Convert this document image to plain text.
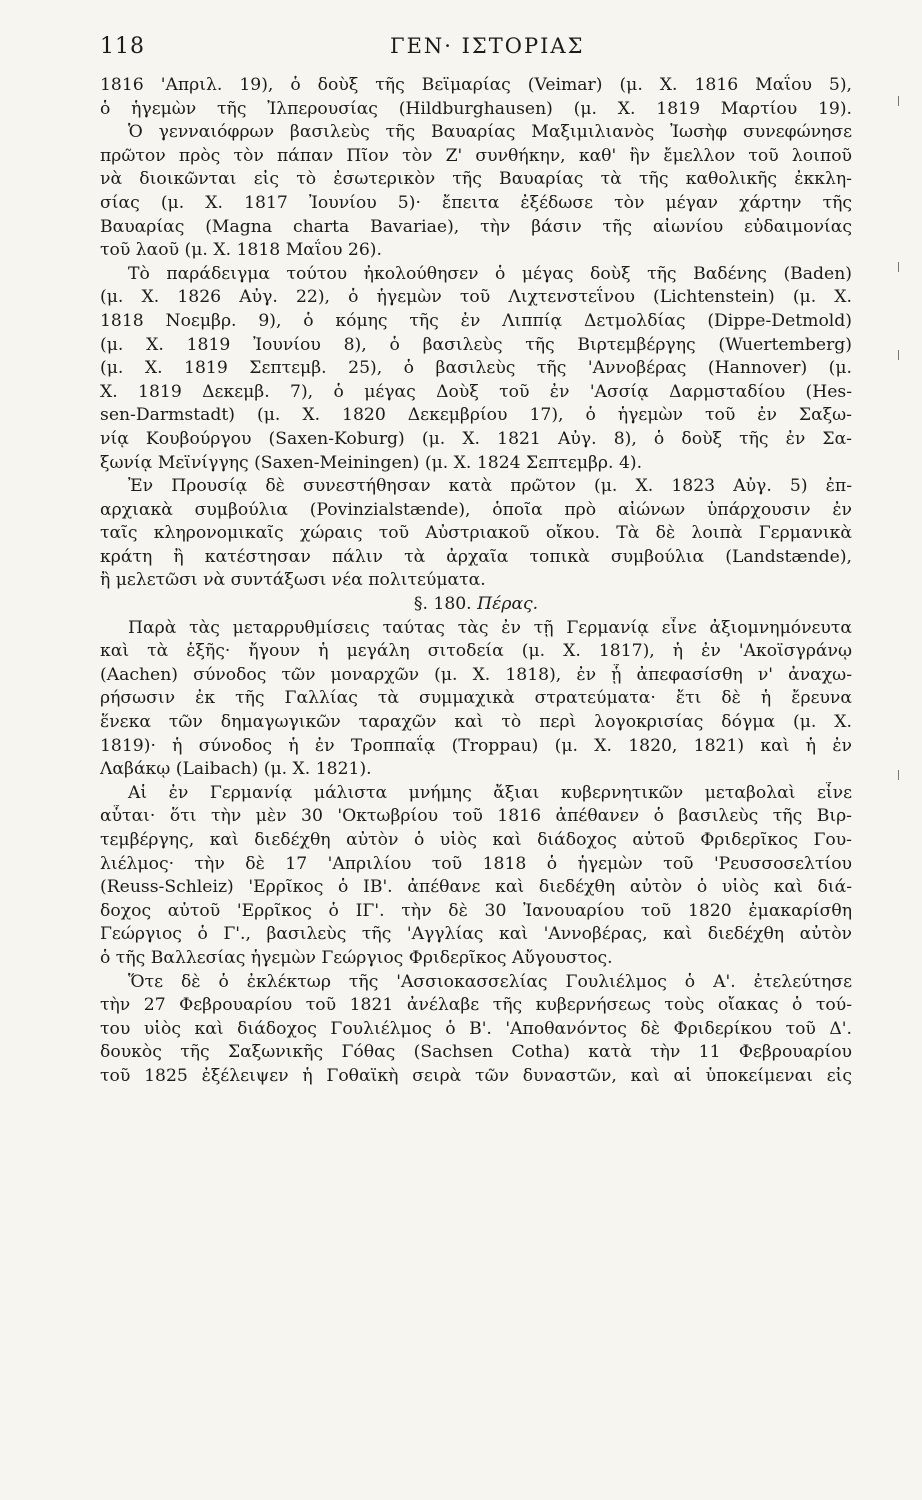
118	ΓΕΝ· ΙΣΤΟΡΙΑΣ
1816 'Απριλ. 19), ὁ δοὺξ τῆς Βεϊμαρίας (Veimar) (μ. Χ. 1816 Μαΐου 5),
ὁ ἡγεμὼν τῆς Ἰλπερουσίας (Hildburghausen) (μ. Χ. 1819 Μαρτίου 19).
Ὁ γενναιόφρων βασιλεὺς τῆς Βαυαρίας Μαξιμιλιανὸς Ἰωσὴφ συνεφώνησε
πρῶτον πρὸς τὸν πάπαν Πῖον τὸν Ζ' συνθήκην, καθ' ἣν ἔμελλον τοῦ λοιποῦ
νὰ διοικῶνται εἰς τὸ ἐσωτερικὸν τῆς Βαυαρίας τὰ τῆς καθολικῆς ἐκκλη-
σίας (μ. Χ. 1817 Ἰουνίου 5)· ἔπειτα ἐξέδωσε τὸν μέγαν χάρτην τῆς
Βαυαρίας (Magna charta Bavariae), τὴν βάσιν τῆς αἰωνίου εὐδαιμονίας
τοῦ λαοῦ (μ. Χ. 1818 Μαΐου 26).
Τὸ παράδειγμα τούτου ἠκολούθησεν ὁ μέγας δοὺξ τῆς Βαδένης (Baden)
(μ. Χ. 1826 Αὐγ. 22), ὁ ἡγεμὼν τοῦ Λιχτενστεΐνου (Lichtenstein) (μ. Χ.
1818 Νοεμβρ. 9), ὁ κόμης τῆς ἐν Λιππίᾳ Δετμολδίας (Dippe-Detmold)
(μ. Χ. 1819 Ἰουνίου 8), ὁ βασιλεὺς τῆς Βιρτεμβέργης (Wuertemberg)
(μ. Χ. 1819 Σεπτεμβ. 25), ὁ βασιλεὺς τῆς 'Αννοβέρας (Hannover) (μ.
Χ. 1819 Δεκεμβ. 7), ὁ μέγας Δοὺξ τοῦ ἐν 'Ασσίᾳ Δαρμσταδίου (Hes-
sen-Darmstadt) (μ. Χ. 1820 Δεκεμβρίου 17), ὁ ἡγεμὼν τοῦ ἐν Σαξω-
νίᾳ Κουβούργου (Saxen-Koburg) (μ. Χ. 1821 Αὐγ. 8), ὁ δοὺξ τῆς ἐν Σα-
ξωνίᾳ Μεϊνίγγης (Saxen-Meiningen) (μ. Χ. 1824 Σεπτεμβρ. 4).
Ἐν Προυσίᾳ δὲ συνεστήθησαν κατὰ πρῶτον (μ. Χ. 1823 Αὐγ. 5) ἐπ-
αρχιακὰ συμβούλια (Povinzialstænde), ὁποῖα πρὸ αἰώνων ὑπάρχουσιν ἐν
ταῖς κληρονομικαῖς χώραις τοῦ Αὐστριακοῦ οἴκου. Τὰ δὲ λοιπὰ Γερμανικὰ
κράτη ἢ κατέστησαν πάλιν τὰ ἀρχαῖα τοπικὰ συμβούλια (Landstænde),
ἢ μελετῶσι νὰ συντάξωσι νέα πολιτεύματα.
§. 180. Πέρας.
Παρὰ τὰς μεταρρυθμίσεις ταύτας τὰς ἐν τῇ Γερμανίᾳ εἶνε ἀξιομνημόνευτα
καὶ τὰ ἑξῆς· ἤγουν ἡ μεγάλη σιτοδεία (μ. Χ. 1817), ἡ ἐν 'Ακοϊσγράνῳ
(Aachen) σύνοδος τῶν μοναρχῶν (μ. Χ. 1818), ἐν ᾗ ἀπεφασίσθη ν' ἀναχω-
ρήσωσιν ἐκ τῆς Γαλλίας τὰ συμμαχικὰ στρατεύματα· ἔτι δὲ ἡ ἔρευνα
ἕνεκα τῶν δημαγωγικῶν ταραχῶν καὶ τὸ περὶ λογοκρισίας δόγμα (μ. Χ.
1819)· ἡ σύνοδος ἡ ἐν Τροππαΐᾳ (Troppau) (μ. Χ. 1820, 1821) καὶ ἡ ἐν
Λαβάκῳ (Laibach) (μ. Χ. 1821).
Αἱ ἐν Γερμανίᾳ μάλιστα μνήμης ἄξιαι κυβερνητικῶν μεταβολαὶ εἶνε
αὗται· ὅτι τὴν μὲν 30 'Οκτωβρίου τοῦ 1816 ἀπέθανεν ὁ βασιλεὺς τῆς Βιρ-
τεμβέργης, καὶ διεδέχθη αὐτὸν ὁ υἱὸς καὶ διάδοχος αὐτοῦ Φριδερῖκος Γου-
λιέλμος· τὴν δὲ 17 'Απριλίου τοῦ 1818 ὁ ἡγεμὼν τοῦ 'Ρευσσοσελτίου
(Reuss-Schleiz) 'Ερρῖκος ὁ ΙΒ'. ἀπέθανε καὶ διεδέχθη αὐτὸν ὁ υἱὸς καὶ διά-
δοχος αὐτοῦ 'Ερρῖκος ὁ ΙΓ'. τὴν δὲ 30 Ἰανουαρίου τοῦ 1820 ἐμακαρίσθη
Γεώργιος ὁ Γ'., βασιλεὺς τῆς 'Αγγλίας καὶ 'Αννοβέρας, καὶ διεδέχθη αὐτὸν
ὁ τῆς Βαλλεσίας ἡγεμὼν Γεώργιος Φριδερῖκος Αὔγουστος.
Ὅτε δὲ ὁ ἐκλέκτωρ τῆς 'Ασσιοκασσελίας Γουλιέλμος ὁ Α'. ἐτελεύτησε
τὴν 27 Φεβρουαρίου τοῦ 1821 ἀνέλαβε τῆς κυβερνήσεως τοὺς οἴακας ὁ τού-
του υἱὸς καὶ διάδοχος Γουλιέλμος ὁ Β'. 'Αποθανόντος δὲ Φριδερίκου τοῦ Δ'.
δουκὸς τῆς Σαξωνικῆς Γόθας (Sachsen Cotha) κατὰ τὴν 11 Φεβρουαρίου
τοῦ 1825 ἐξέλειψεν ἡ Γοθαϊκὴ σειρὰ τῶν δυναστῶν, καὶ αἱ ὑποκείμεναι εἰς
